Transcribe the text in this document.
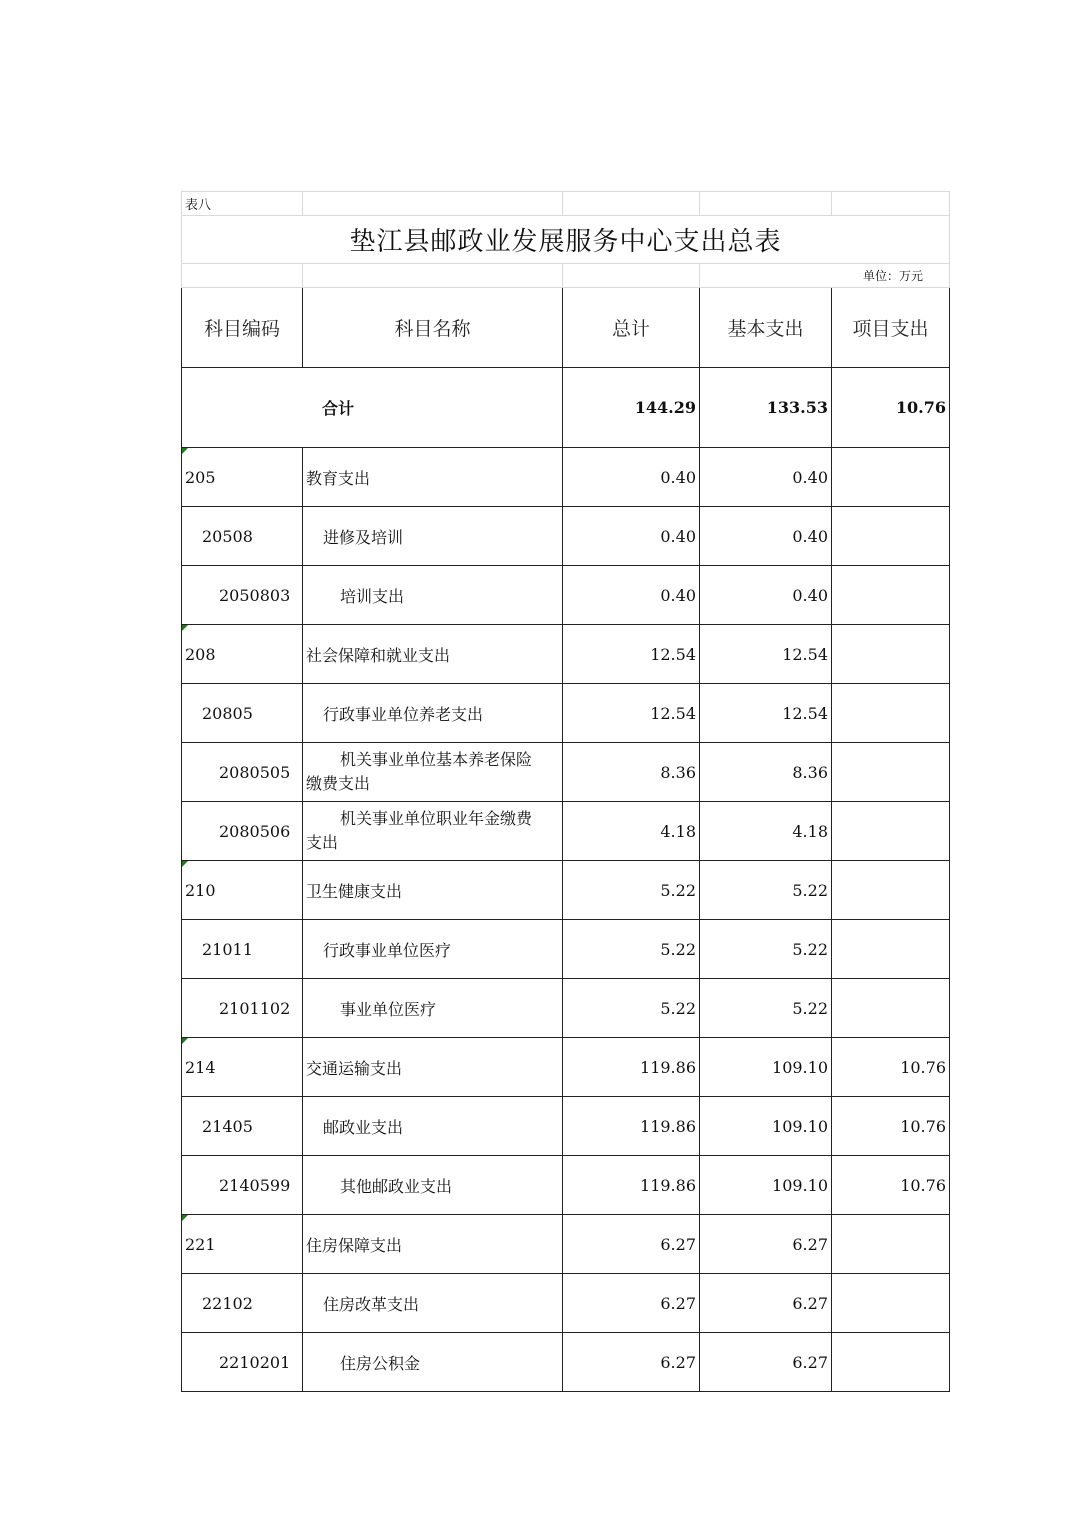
表八				
垫江县邮政业发展服务中心支出总表				
			单位：万元	
科目编码	科目名称	总计	基本支出	项目支出
合计		144.29	133.53	10.76

205	教育支出	0.40	0.40	
20508	进修及培训	0.40	0.40	
2050803	培训支出	0.40	0.40	

208	社会保障和就业支出	12.54	12.54	
20805	行政事业单位养老支出	12.54	12.54	
2080505	机关事业单位基本养老保险
缴费支出	8.36	8.36	
2080506	机关事业单位职业年金缴费
支出	4.18	4.18	

210	卫生健康支出	5.22	5.22	
21011	行政事业单位医疗	5.22	5.22	
2101102	事业单位医疗	5.22	5.22	

214	交通运输支出	119.86	109.10	10.76
21405	邮政业支出	119.86	109.10	10.76
2140599	其他邮政业支出	119.86	109.10	10.76

221	住房保障支出	6.27	6.27	
22102	住房改革支出	6.27	6.27	
2210201	住房公积金	6.27	6.27	
